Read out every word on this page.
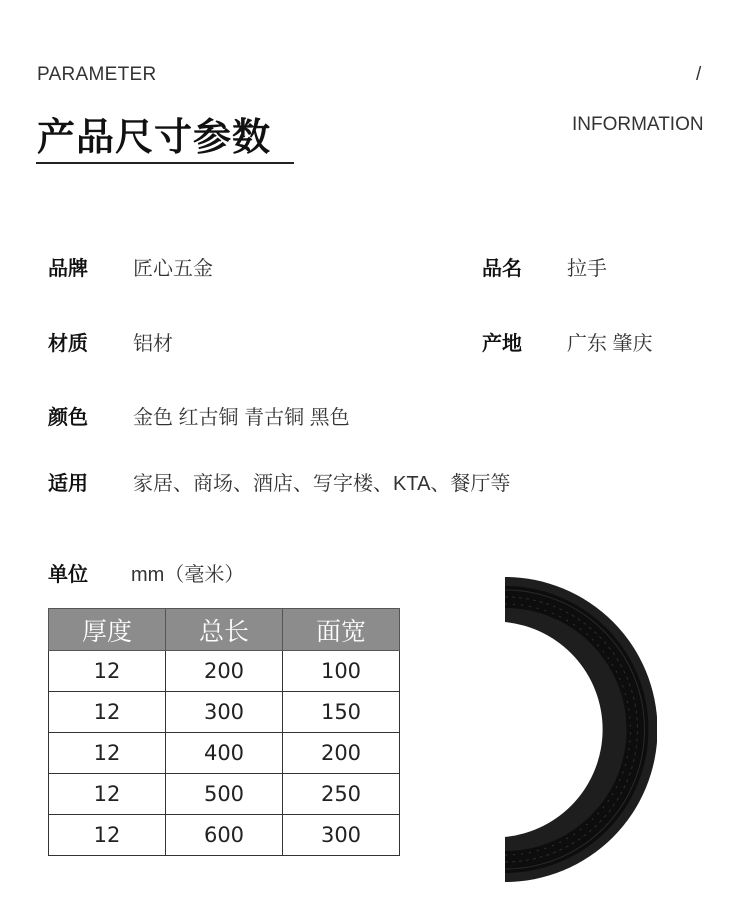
PARAMETER	/
产品尺寸参数	INFORMATION
品牌 匠心五金	品名 拉手
材质 铝材	产地 广东 肇庆
颜色 金色 红古铜 青古铜 黑色
适用 家居、商场、酒店、写字楼、KTA、餐厅等
单位 mm（毫米）
厚度	总长	面宽
12	200	100
12	300	150
12	400	200
12	500	250
12	600	300
